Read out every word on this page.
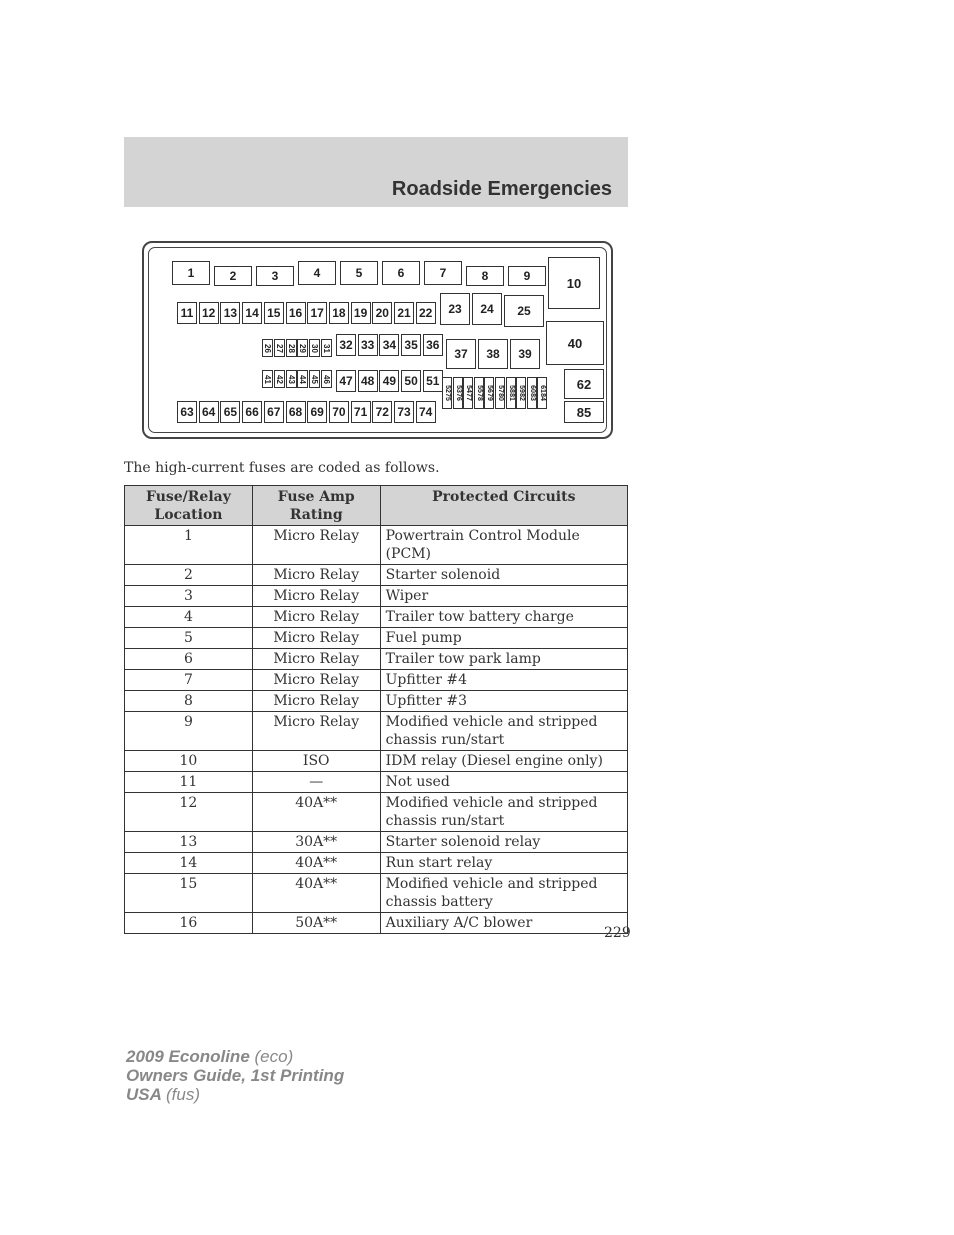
Roadside Emergencies
1	2	3	4	5	6	7	8	9	10
11 12 13 14 15 16 17 18 19 20 21 22 23 24 25
26 27 28 29 30 31 32 33 34 35 36
37 38 39
40
41 42 43 44 45 46 47 48 49 50 51	62
63 64 65 66 67 68 69 70 71 72 73 74	85
52
75
53
76
54
77
55
78
56
79
57
80
58
81
59
82
60
83
61
84
The high-current fuses are coded as follows.
Fuse/Relay Location	Fuse Amp Rating	Protected Circuits
1	Micro Relay	Powertrain Control Module (PCM)
2	Micro Relay	Starter solenoid
3	Micro Relay	Wiper
4	Micro Relay	Trailer tow battery charge
5	Micro Relay	Fuel pump
6	Micro Relay	Trailer tow park lamp
7	Micro Relay	Upfitter #4
8	Micro Relay	Upfitter #3
9	Micro Relay	Modified vehicle and stripped chassis run/start
10	ISO	IDM relay (Diesel engine only)
11	—	Not used
12	40A**	Modified vehicle and stripped chassis run/start
13	30A**	Starter solenoid relay
14	40A**	Run start relay
15	40A**	Modified vehicle and stripped chassis battery
16	50A**	Auxiliary A/C blower
229
2009 Econoline (eco)
Owners Guide, 1st Printing
USA (fus)
